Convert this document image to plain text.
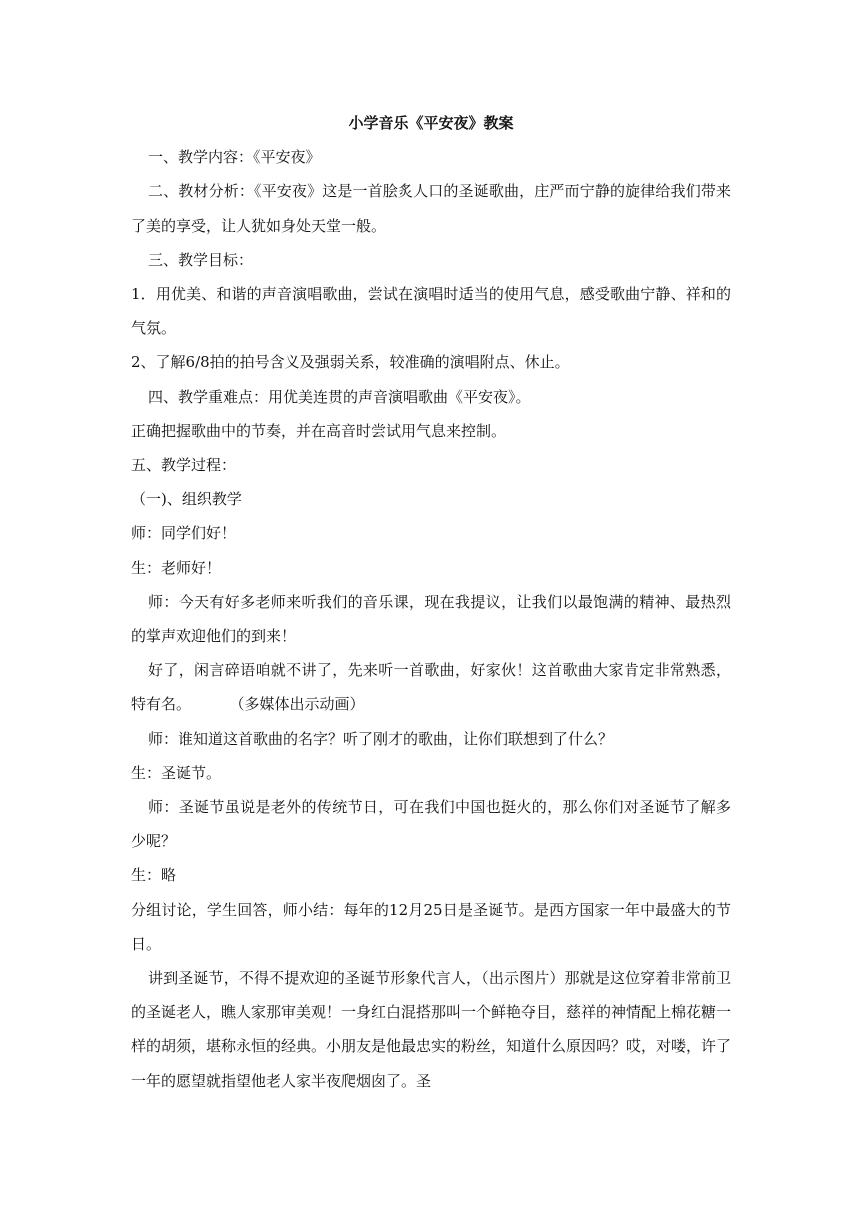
小学音乐《平安夜》教案

一、教学内容：《平安夜》

二、教材分析：《平安夜》这是一首脍炙人口的圣诞歌曲，庄严而宁静的旋律给我们带来了美的享受，让人犹如身处天堂一般。

三、教学目标：

1．用优美、和谐的声音演唱歌曲，尝试在演唱时适当的使用气息，感受歌曲宁静、祥和的气氛。

2、了解6/8拍的拍号含义及强弱关系，较准确的演唱附点、休止。

四、教学重难点：用优美连贯的声音演唱歌曲《平安夜》。

正确把握歌曲中的节奏，并在高音时尝试用气息来控制。

五、教学过程：

（一)、组织教学

师：同学们好！

生：老师好！

师：今天有好多老师来听我们的音乐课，现在我提议，让我们以最饱满的精神、最热烈的掌声欢迎他们的到来！

好了，闲言碎语咱就不讲了，先来听一首歌曲，好家伙！这首歌曲大家肯定非常熟悉，特有名。	（多媒体出示动画）

师：谁知道这首歌曲的名字？听了刚才的歌曲，让你们联想到了什么？

生：圣诞节。

师：圣诞节虽说是老外的传统节日，可在我们中国也挺火的，那么你们对圣诞节了解多少呢？

生：略

分组讨论，学生回答，师小结：每年的12月25日是圣诞节。是西方国家一年中最盛大的节日。

讲到圣诞节，不得不提欢迎的圣诞节形象代言人，（出示图片）那就是这位穿着非常前卫的圣诞老人，瞧人家那审美观！一身红白混搭那叫一个鲜艳夺目，慈祥的神情配上棉花糖一样的胡须，堪称永恒的经典。小朋友是他最忠实的粉丝，知道什么原因吗？哎，对喽，许了一年的愿望就指望他老人家半夜爬烟囱了。圣
